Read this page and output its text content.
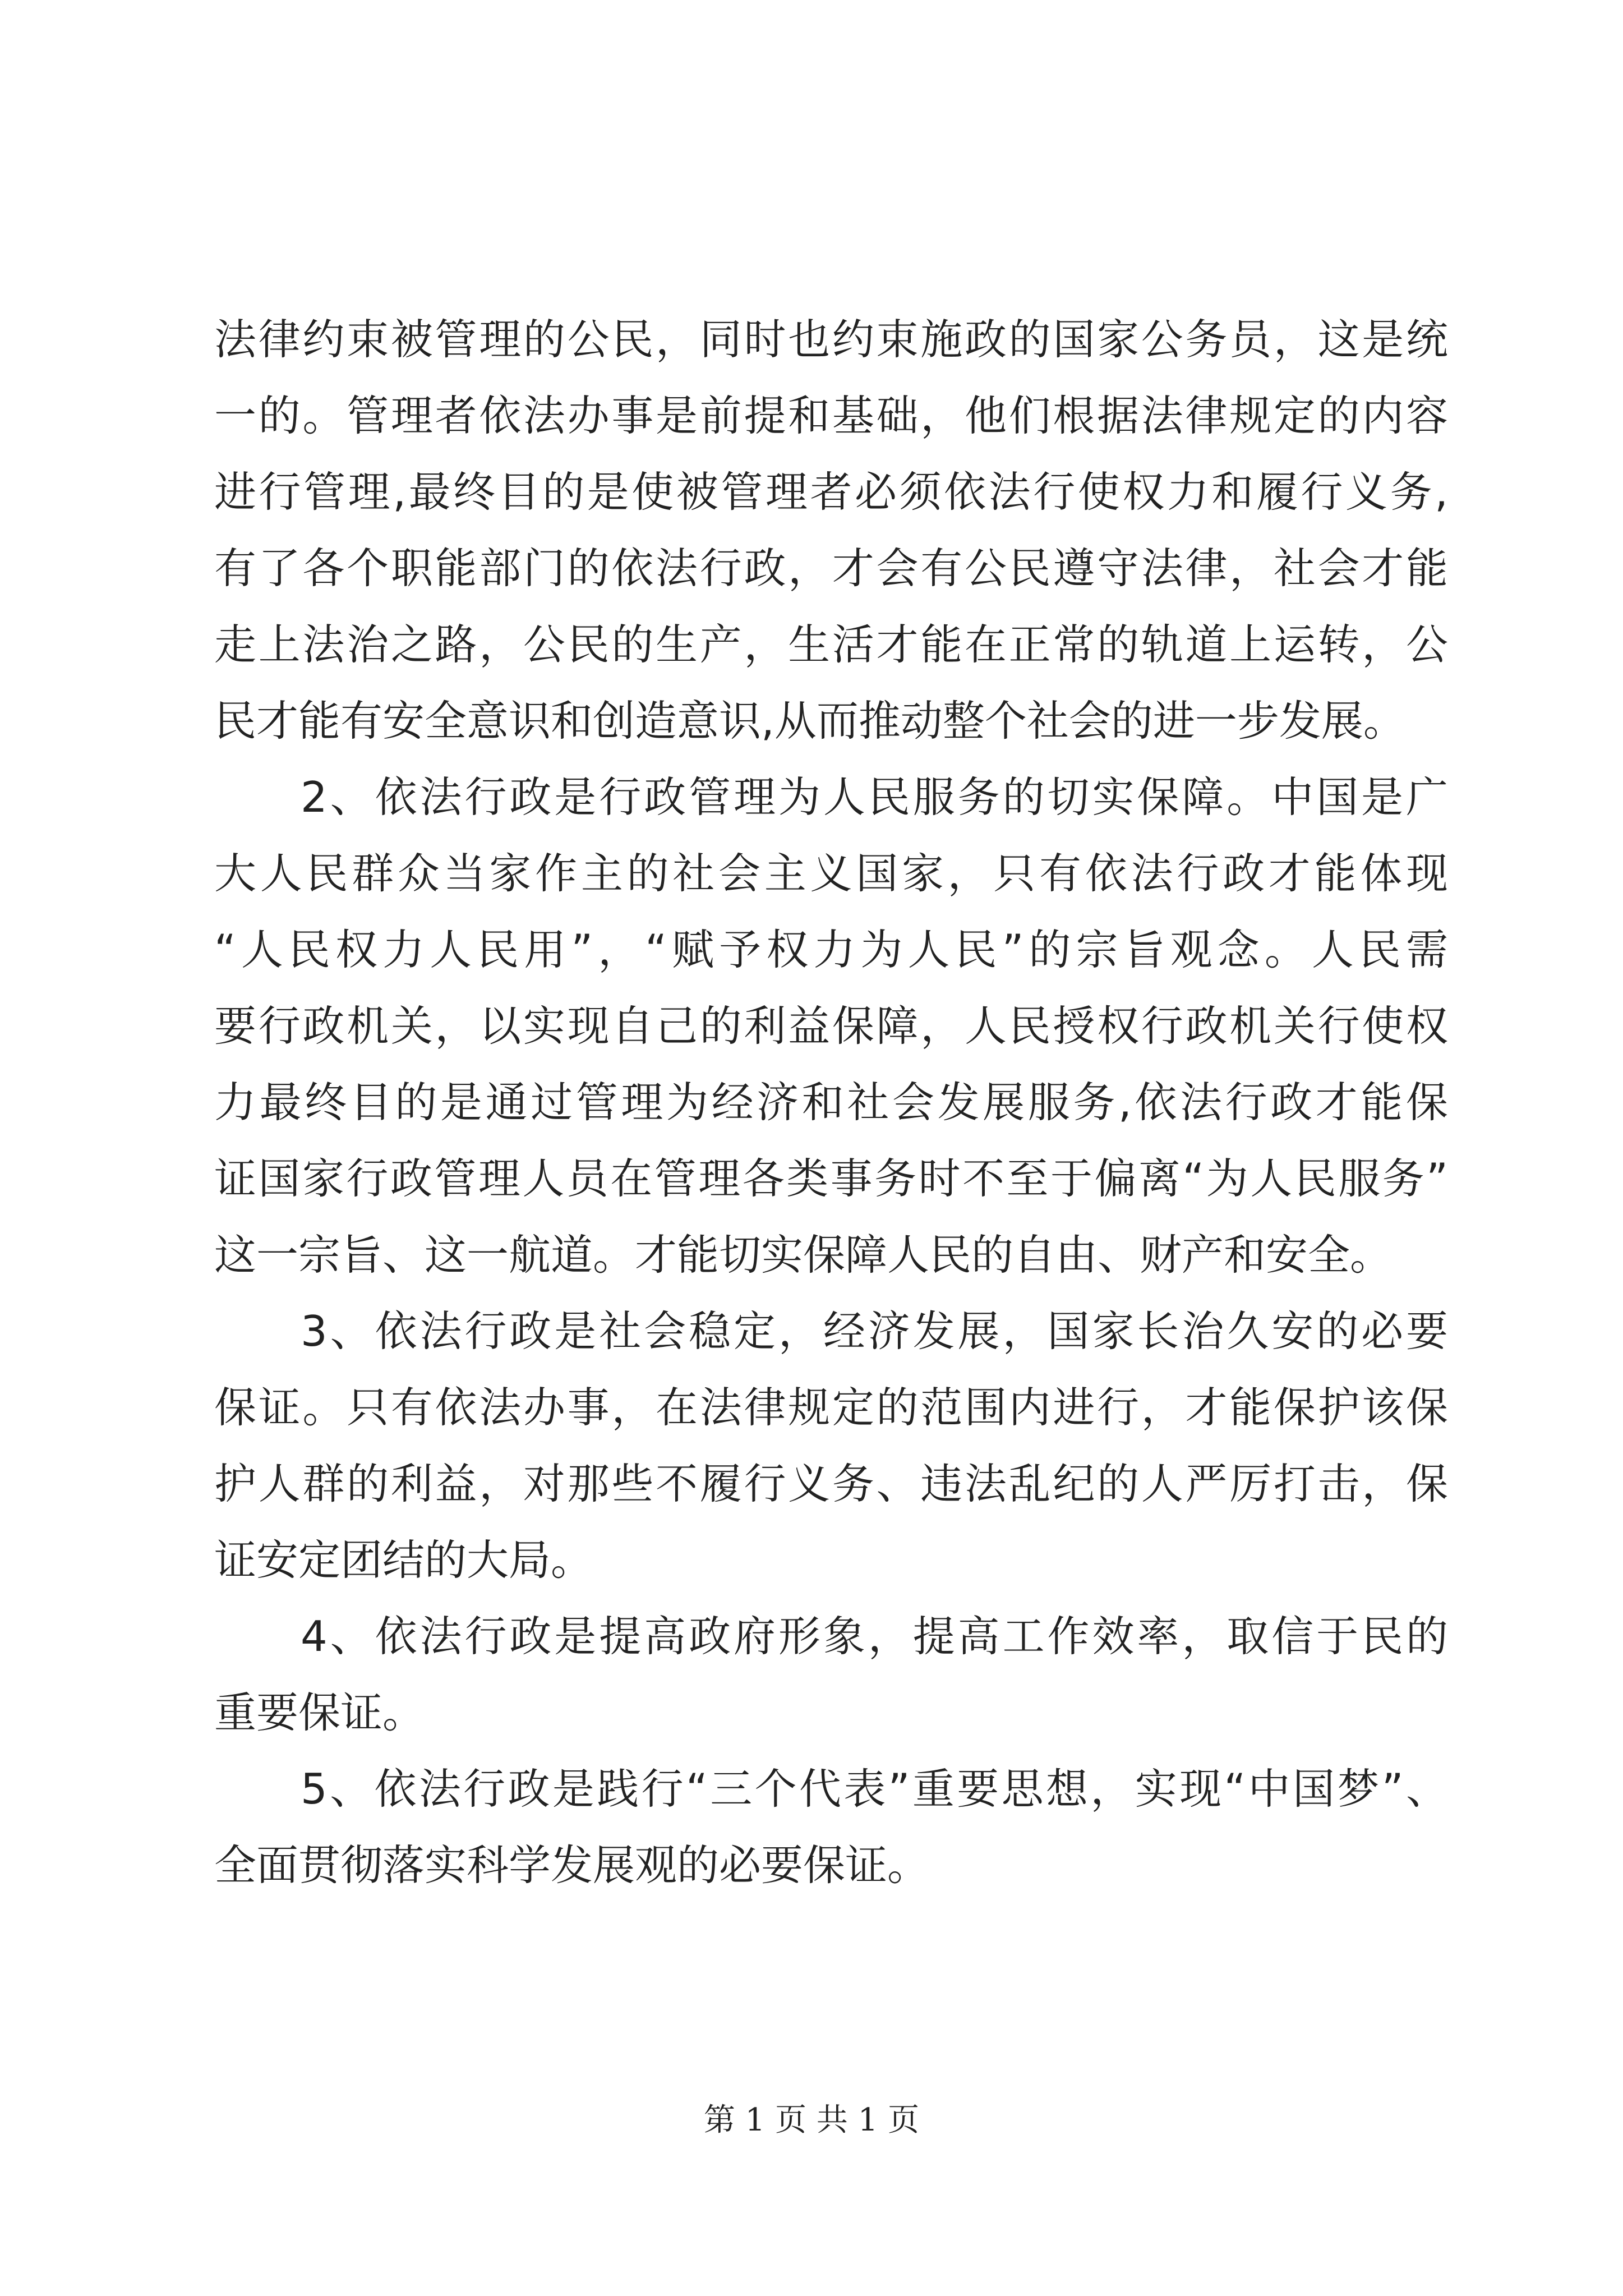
法律约束被管理的公民，同时也约束施政的国家公务员，这是统
一的。管理者依法办事是前提和基础，他们根据法律规定的内容
进行管理,最终目的是使被管理者必须依法行使权力和履行义务,
有了各个职能部门的依法行政，才会有公民遵守法律，社会才能
走上法治之路，公民的生产，生活才能在正常的轨道上运转，公
民才能有安全意识和创造意识,从而推动整个社会的进一步发展。
2、依法行政是行政管理为人民服务的切实保障。中国是广
大人民群众当家作主的社会主义国家，只有依法行政才能体现
“人民权力人民用”，“赋予权力为人民”的宗旨观念。人民需
要行政机关，以实现自己的利益保障，人民授权行政机关行使权
力最终目的是通过管理为经济和社会发展服务,依法行政才能保
证国家行政管理人员在管理各类事务时不至于偏离“为人民服务”
这一宗旨、这一航道。才能切实保障人民的自由、财产和安全。
3、依法行政是社会稳定，经济发展，国家长治久安的必要
保证。只有依法办事，在法律规定的范围内进行，才能保护该保
护人群的利益，对那些不履行义务、违法乱纪的人严厉打击，保
证安定团结的大局。
4、依法行政是提高政府形象，提高工作效率，取信于民的
重要保证。
5、依法行政是践行“三个代表”重要思想，实现“中国梦”、
全面贯彻落实科学发展观的必要保证。
第 1 页 共 1 页
